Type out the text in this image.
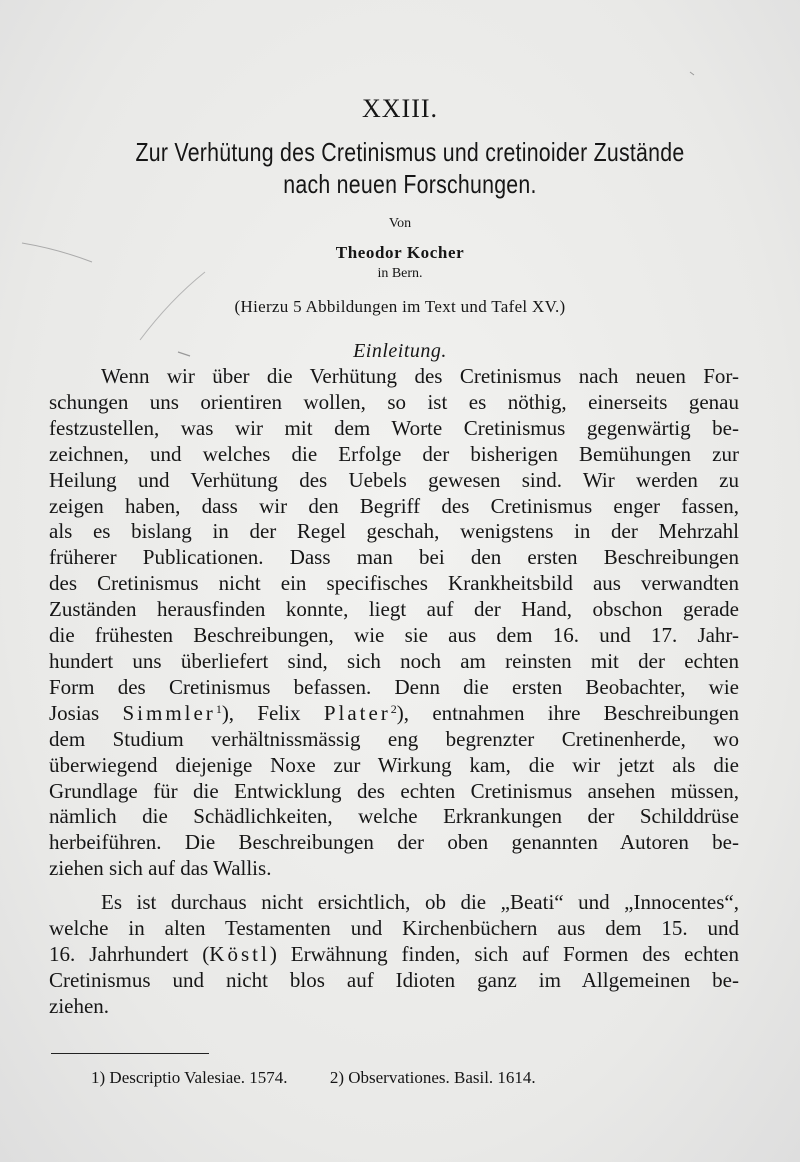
XXIII.
Zur Verhütung des Cretinismus und cretinoider Zustände
nach neuen Forschungen.
Von
Theodor Kocher
in Bern.
(Hierzu 5 Abbildungen im Text und Tafel XV.)
Einleitung.
Wenn wir über die Verhütung des Cretinismus nach neuen For-
schungen uns orientiren wollen, so ist es nöthig, einerseits genau
festzustellen, was wir mit dem Worte Cretinismus gegenwärtig be-
zeichnen, und welches die Erfolge der bisherigen Bemühungen zur
Heilung und Verhütung des Uebels gewesen sind. Wir werden zu
zeigen haben, dass wir den Begriff des Cretinismus enger fassen,
als es bislang in der Regel geschah, wenigstens in der Mehrzahl
früherer Publicationen. Dass man bei den ersten Beschreibungen
des Cretinismus nicht ein specifisches Krankheitsbild aus verwandten
Zuständen herausfinden konnte, liegt auf der Hand, obschon gerade
die frühesten Beschreibungen, wie sie aus dem 16. und 17. Jahr-
hundert uns überliefert sind, sich noch am reinsten mit der echten
Form des Cretinismus befassen. Denn die ersten Beobachter, wie
Josias Simmler$^1$), Felix Plater$^2$), entnahmen ihre Beschreibungen
dem Studium verhältnissmässig eng begrenzter Cretinenherde, wo
überwiegend diejenige Noxe zur Wirkung kam, die wir jetzt als die
Grundlage für die Entwicklung des echten Cretinismus ansehen müssen,
nämlich die Schädlichkeiten, welche Erkrankungen der Schilddrüse
herbeiführen. Die Beschreibungen der oben genannten Autoren be-
ziehen sich auf das Wallis.
Es ist durchaus nicht ersichtlich, ob die „Beati“ und „Innocentes“,
welche in alten Testamenten und Kirchenbüchern aus dem 15. und
16. Jahrhundert (Köstl) Erwähnung finden, sich auf Formen des echten
Cretinismus und nicht blos auf Idioten ganz im Allgemeinen be-
ziehen.
1) Descriptio Valesiae. 1574. 2) Observationes. Basil. 1614.
